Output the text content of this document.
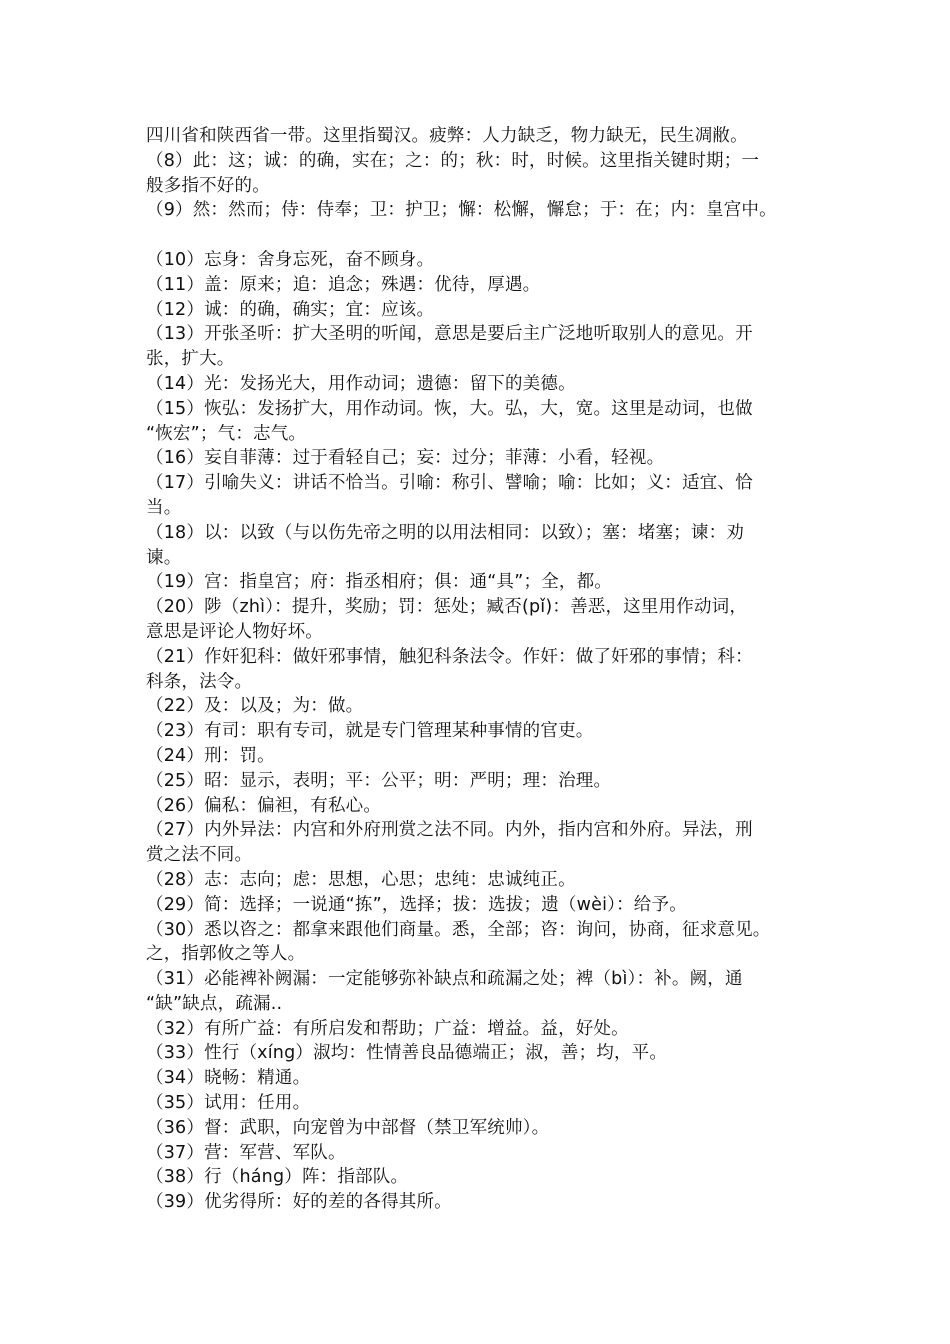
四川省和陕西省一带。这里指蜀汉。疲弊：人力缺乏，物力缺无，民生凋敝。
（8）此：这；诚：的确，实在；之：的；秋：时，时候。这里指关键时期；一
般多指不好的。
（9）然：然而；侍：侍奉；卫：护卫；懈：松懈，懈怠；于：在；内：皇宫中。
（10）忘身：舍身忘死，奋不顾身。
（11）盖：原来；追：追念；殊遇：优待，厚遇。
（12）诚：的确，确实；宜：应该。
（13）开张圣听：扩大圣明的听闻，意思是要后主广泛地听取别人的意见。开
张，扩大。
（14）光：发扬光大，用作动词；遗德：留下的美德。
（15）恢弘：发扬扩大，用作动词。恢，大。弘，大，宽。这里是动词，也做
“恢宏”；气：志气。
（16）妄自菲薄：过于看轻自己；妄：过分；菲薄：小看，轻视。
（17）引喻失义：讲话不恰当。引喻：称引、譬喻；喻：比如；义：适宜、恰
当。
（18）以：以致（与以伤先帝之明的以用法相同：以致）；塞：堵塞；谏：劝
谏。
（19）宫：指皇宫；府：指丞相府；俱：通“具”；全，都。
（20）陟（zhì）：提升，奖励；罚：惩处；臧否(pǐ)：善恶，这里用作动词，
意思是评论人物好坏。
（21）作奸犯科：做奸邪事情，触犯科条法令。作奸：做了奸邪的事情；科：
科条，法令。
（22）及：以及；为：做。
（23）有司：职有专司，就是专门管理某种事情的官吏。
（24）刑：罚。
（25）昭：显示，表明；平：公平；明：严明；理：治理。
（26）偏私：偏袒，有私心。
（27）内外异法：内宫和外府刑赏之法不同。内外，指内宫和外府。异法，刑
赏之法不同。
（28）志：志向；虑：思想，心思；忠纯：忠诚纯正。
（29）简：选择；一说通“拣”，选择；拔：选拔；遗（wèi）：给予。
（30）悉以咨之：都拿来跟他们商量。悉，全部；咨：询问，协商，征求意见。
之，指郭攸之等人。
（31）必能裨补阙漏：一定能够弥补缺点和疏漏之处；裨（bì）：补。阙，通
“缺”缺点，疏漏..
（32）有所广益：有所启发和帮助；广益：增益。益，好处。
（33）性行（xíng）淑均：性情善良品德端正；淑，善；均，平。
（34）晓畅：精通。
（35）试用：任用。
（36）督：武职，向宠曾为中部督（禁卫军统帅）。
（37）营：军营、军队。
（38）行（háng）阵：指部队。
（39）优劣得所：好的差的各得其所。
